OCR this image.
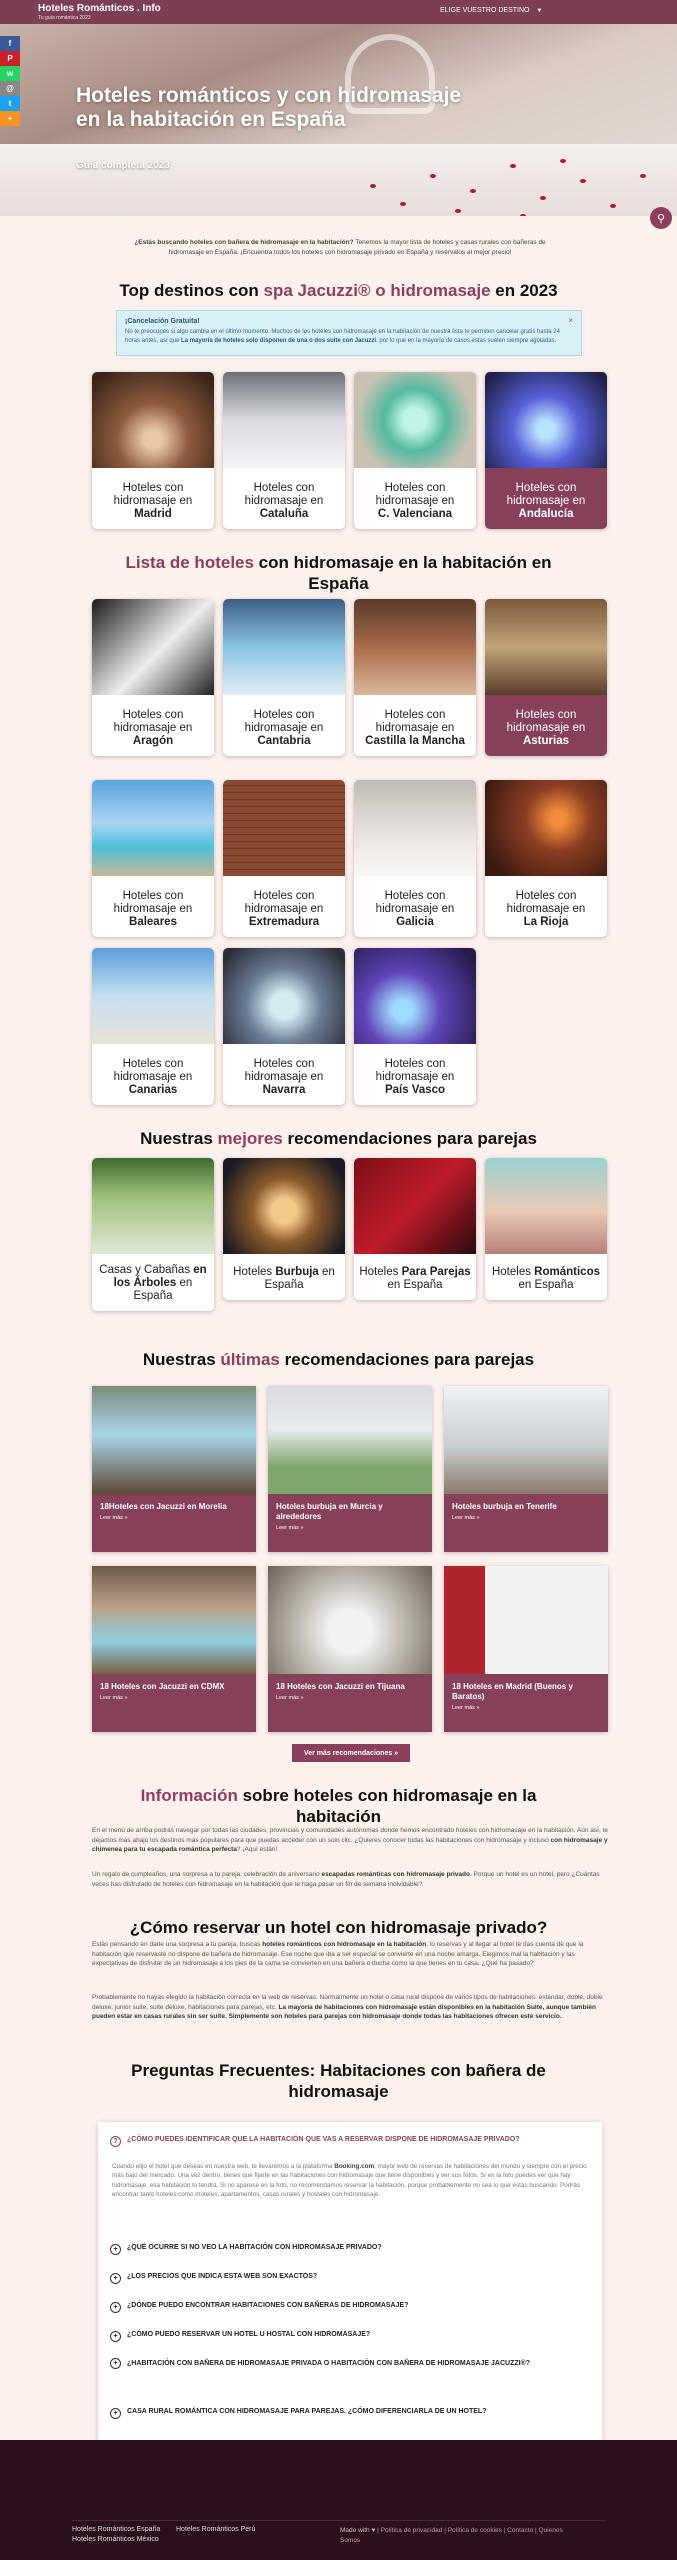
Hoteles Románticos . Info
Tu guía romántica 2023
ELIGE VUESTRO DESTINO ▼
Hoteles románticos y con hidromasaje en la habitación en España
Guía completa 2023
f
P
w
@
t
+
⚲
¿Estás buscando hoteles con bañera de hidromasaje en la habitación? Tenemos la mayor lista de hoteles y casas rurales con bañeras de hidromasaje en España. ¡Encuentra todos los hoteles con hidromasaje privado en España y resérvalos al mejor precio!
Top destinos con spa Jacuzzi® o hidromasaje en 2023
¡Cancelación Gratuita!
No te preocupes si algo cambia en el último momento. Muchos de los hoteles con hidromasaje en la habitación de nuestra lista te permiten cancelar gratis hasta 24 horas antes, así que La mayoría de hoteles solo disponen de una o dos suite con Jacuzzi, por lo que en la mayoría de casos estas suelen siempre agotadas.
×
Hoteles con hidromasaje en
Madrid
Hoteles con hidromasaje en
Cataluña
Hoteles con hidromasaje en
C. Valenciana
Hoteles con hidromasaje en
Andalucía
Lista de hoteles con hidromasaje en la habitación en España
Hoteles con hidromasaje en
Aragón
Hoteles con hidromasaje en
Cantabria
Hoteles con hidromasaje en
Castilla la Mancha
Hoteles con hidromasaje en
Asturias
Hoteles con hidromasaje en
Baleares
Hoteles con hidromasaje en
Extremadura
Hoteles con hidromasaje en
Galicia
Hoteles con hidromasaje en
La Rioja
Hoteles con hidromasaje en
Canarias
Hoteles con hidromasaje en
Navarra
Hoteles con hidromasaje en
País Vasco
Nuestras mejores recomendaciones para parejas
Casas y Cabañas en los Árboles en España
Hoteles Burbuja en España
Hoteles Para Parejas en España
Hoteles Románticos en España
Nuestras últimas recomendaciones para parejas
18Hoteles con Jacuzzi en Morelia
Leer más »
Hoteles burbuja en Murcia y alrededores
Leer más »
Hoteles burbuja en Tenerife
Leer más »
18 Hoteles con Jacuzzi en CDMX
Leer más »
18 Hoteles con Jacuzzi en Tijuana
Leer más »
18 Hoteles en Madrid (Buenos y Baratos)
Leer más »
Ver más recomendaciones »
Información sobre hoteles con hidromasaje en la habitación
En el menú de arriba podrás navegar por todas las ciudades, provincias y comunidades autónomas donde hemos encontrado hoteles con hidromasaje en la habitación. Aún así, te dejamos más abajo los destinos más populares para que puedas acceder con un solo clic. ¿Quieres conocer todas las habitaciones con hidromasaje y incluso con hidromasaje y chimenea para tu escapada romántica perfecta? ¡Aquí están!
Un regalo de cumpleaños, una sorpresa a tu pareja, celebración de aniversario escapadas románticas con hidromasaje privado. Porque un hotel es un hotel, pero ¿Cuántas veces has disfrutado de hoteles con hidromasaje en la habitación que te haga pasar un fin de semana inolvidable?
¿Cómo reservar un hotel con hidromasaje privado?
Estás pensando en darle una sorpresa a tu pareja, buscas hoteles románticos con hidromasaje en la habitación, lo reservas y al llegar al hotel te das cuenta de que la habitación que reservaste no dispone de bañera de hidromasaje. Ese noche que iba a ser especial se convierte en una noche amarga. Elegimos mal la habitación y las expectativas de disfrutar de un hidromasaje a los pies de la cama se convierten en una bañera o ducha como la que tienes en tu casa. ¿Qué ha pasado?
Probablemente no hayas elegido la habitación correcta en la web de reservas. Normalmente un hotel o casa rural dispone de varios tipos de habitaciones: estándar, doble, doble deluxe, junior suite, suite deluxe, habitaciones para parejas, etc. La mayoría de habitaciones con hidromasaje están disponibles en la habitación Suite, aunque también pueden estar en casas rurales sin ser suite. Simplemente son hoteles para parejas con hidromasaje donde todas las habitaciones ofrecen este servicio.
Preguntas Frecuentes: Habitaciones con bañera de hidromasaje
?	¿CÓMO PUEDES IDENTIFICAR QUE LA HABITACIÓN QUE VAS A RESERVAR DISPONE DE HIDROMASAJE PRIVADO?
Cuando elijo el hotel que deseas en nuestra web, te llevaremos a la plataforma Booking.com, mayor web de reservas de habitaciones del mundo y siempre con el precio más bajo del mercado. Una vez dentro, tienes que fijarte en las habitaciones con hidromasaje que tiene disponibles y ver sus fotos. Si en la foto puedes ver que hay hidromasaje, esa habitación lo tendrá. Si no aparece en la foto, no recomendamos reservar la habitación, porque probablemente no sea lo que estás buscando. Podrás encontrar tanto hoteles como moteles, apartamentos, casas rurales y hostales con hidromasaje.
+	¿QUÉ OCURRE SI NO VEO LA HABITACIÓN CON HIDROMASAJE PRIVADO?
+	¿LOS PRECIOS QUE INDICA ESTA WEB SON EXACTOS?
+	¿DÓNDE PUEDO ENCONTRAR HABITACIONES CON BAÑERAS DE HIDROMASAJE?
+	¿CÓMO PUEDO RESERVAR UN HOTEL U HOSTAL CON HIDROMASAJE?
+	¿HABITACIÓN CON BAÑERA DE HIDROMASAJE PRIVADA O HABITACIÓN CON BAÑERA DE HIDROMASAJE JACUZZI®?
+	CASA RURAL ROMÁNTICA CON HIDROMASAJE PARA PAREJAS. ¿CÓMO DIFERENCIARLA DE UN HOTEL?
Hoteles Románticos España Hoteles Románticos Perú
Hoteles Románticos México
Made with ♥ | Política de privacidad | Política de cookies | Contacto | Quienes Somos
